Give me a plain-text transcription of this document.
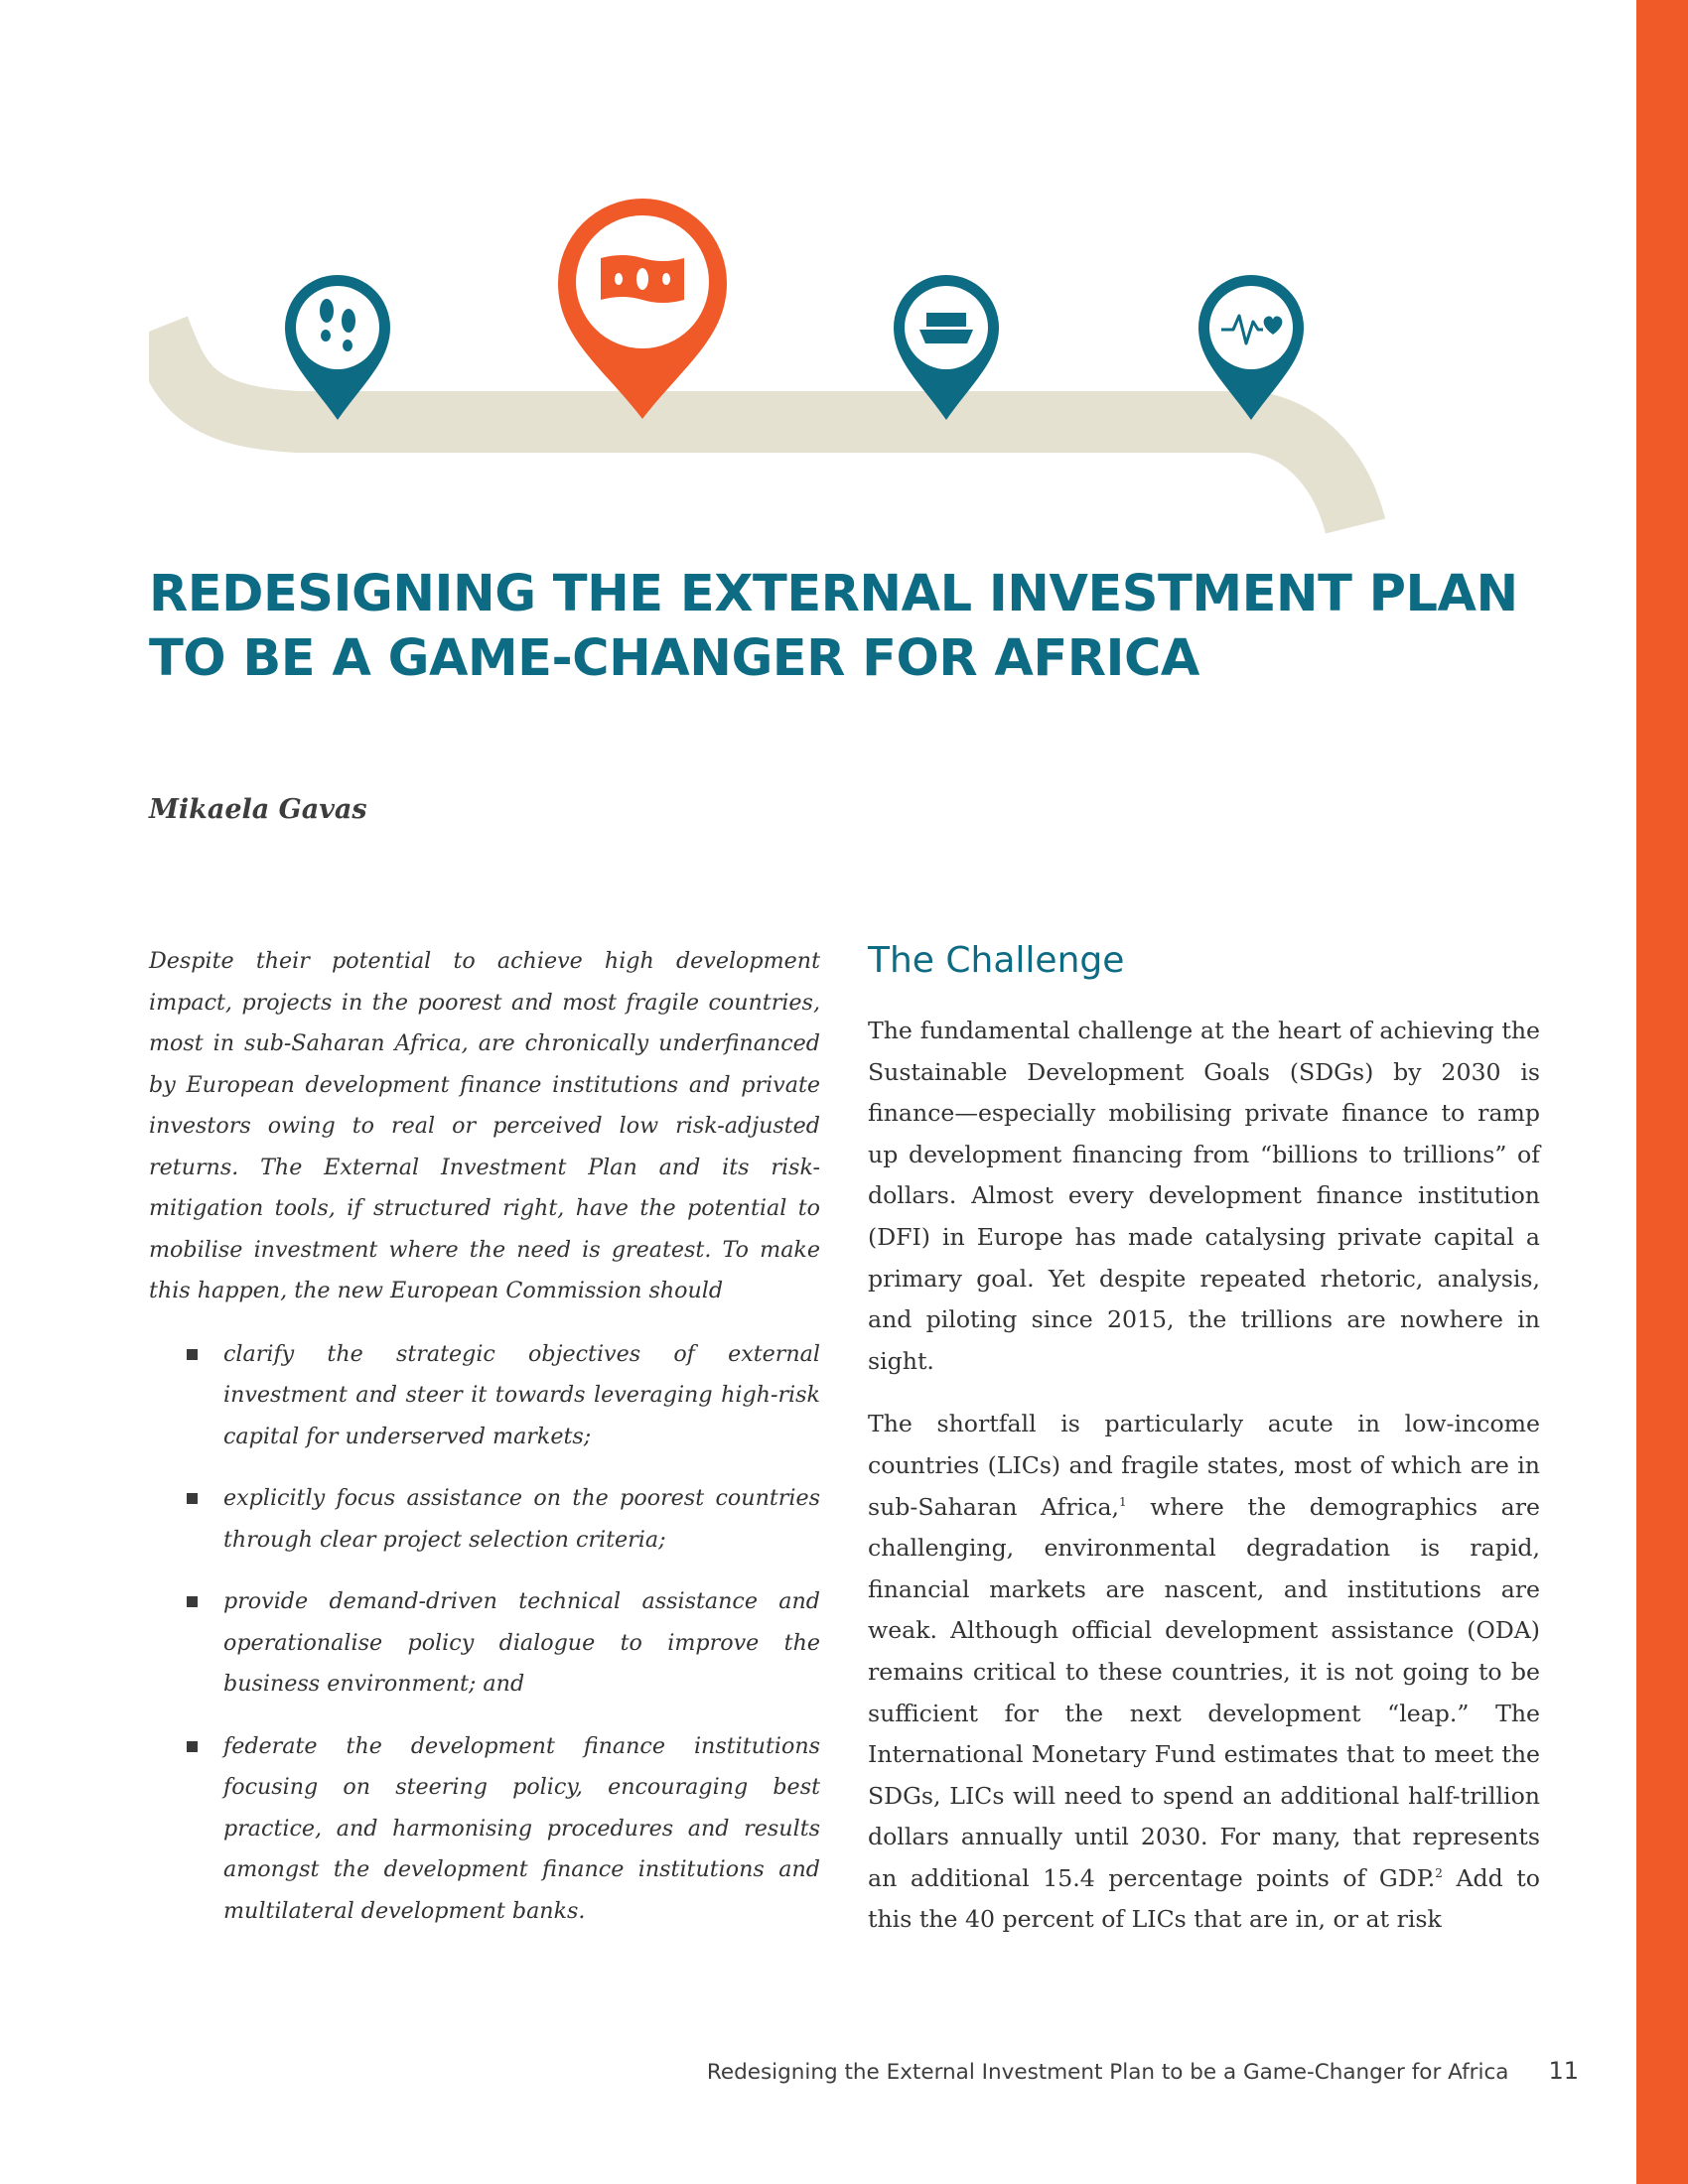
REDESIGNING THE EXTERNAL INVESTMENT PLAN
TO BE A GAME-CHANGER FOR AFRICA
Mikaela Gavas

Despite their potential to achieve high development impact, projects in the poorest and most fragile countries, most in sub-Saharan Africa, are chronically underfinanced by European development finance institutions and private investors owing to real or perceived low risk-adjusted returns. The External Investment Plan and its risk-mitigation tools, if structured right, have the potential to mobilise investment where the need is greatest. To make this happen, the new European Commission should

clarify the strategic objectives of external investment and steer it towards leveraging high-risk capital for underserved markets;
explicitly focus assistance on the poorest countries through clear project selection criteria;
provide demand-driven technical assistance and operationalise policy dialogue to improve the business environment; and
federate the development finance institutions focusing on steering policy, encouraging best practice, and harmonising procedures and results amongst the development finance institutions and multilateral development banks.
The Challenge

The fundamental challenge at the heart of achieving the Sustainable Development Goals (SDGs) by 2030 is finance—especially mobilising private finance to ramp up development financing from “billions to trillions” of dollars. Almost every development finance institution (DFI) in Europe has made catalysing private capital a primary goal. Yet despite repeated rhetoric, analysis, and piloting since 2015, the trillions are nowhere in sight.

The shortfall is particularly acute in low-income countries (LICs) and fragile states, most of which are in sub-Saharan Africa,$^1$ where the demographics are challenging, environmental degradation is rapid, financial markets are nascent, and institutions are weak. Although official development assistance (ODA) remains critical to these countries, it is not going to be sufficient for the next development “leap.” The International Monetary Fund estimates that to meet the SDGs, LICs will need to spend an additional half-trillion dollars annually until 2030. For many, that represents an additional 15.4 percentage points of GDP.$^2$ Add to this the 40 percent of LICs that are in, or at risk

Redesigning the External Investment Plan to be a Game-Changer for Africa 11
